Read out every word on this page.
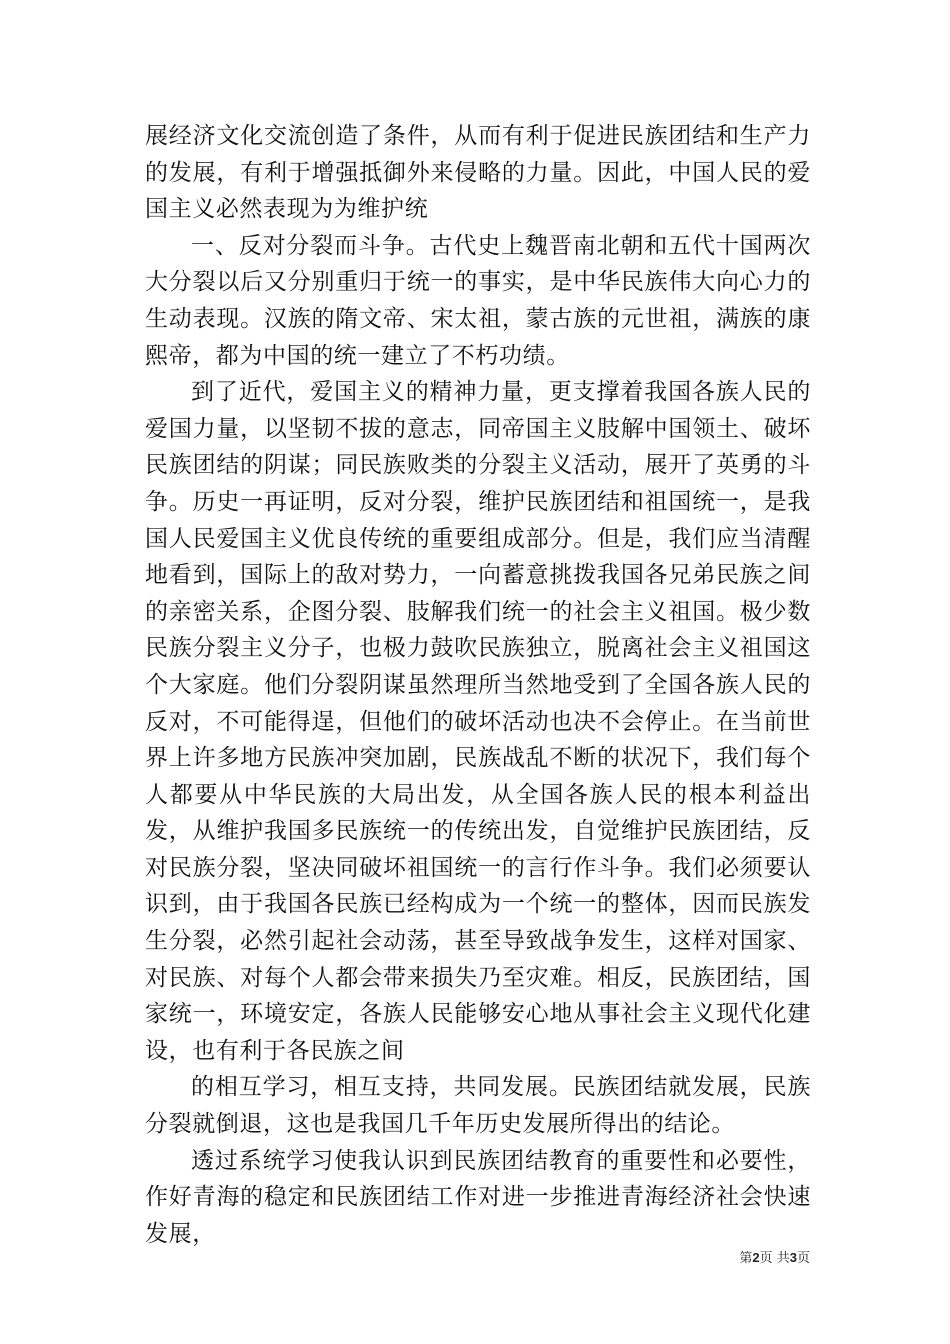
展经济文化交流创造了条件，从而有利于促进民族团结和生产力的发展，有利于增强抵御外来侵略的力量。因此，中国人民的爱国主义必然表现为为维护统

一、反对分裂而斗争。古代史上魏晋南北朝和五代十国两次大分裂以后又分别重归于统一的事实，是中华民族伟大向心力的生动表现。汉族的隋文帝、宋太祖，蒙古族的元世祖，满族的康熙帝，都为中国的统一建立了不朽功绩。

到了近代，爱国主义的精神力量，更支撑着我国各族人民的爱国力量，以坚韧不拔的意志，同帝国主义肢解中国领土、破坏民族团结的阴谋；同民族败类的分裂主义活动，展开了英勇的斗争。历史一再证明，反对分裂，维护民族团结和祖国统一，是我国人民爱国主义优良传统的重要组成部分。但是，我们应当清醒地看到，国际上的敌对势力，一向蓄意挑拨我国各兄弟民族之间的亲密关系，企图分裂、肢解我们统一的社会主义祖国。极少数民族分裂主义分子，也极力鼓吹民族独立，脱离社会主义祖国这个大家庭。他们分裂阴谋虽然理所当然地受到了全国各族人民的反对，不可能得逞，但他们的破坏活动也决不会停止。在当前世界上许多地方民族冲突加剧，民族战乱不断的状况下，我们每个人都要从中华民族的大局出发，从全国各族人民的根本利益出发，从维护我国多民族统一的传统出发，自觉维护民族团结，反对民族分裂，坚决同破坏祖国统一的言行作斗争。我们必须要认识到，由于我国各民族已经构成为一个统一的整体，因而民族发生分裂，必然引起社会动荡，甚至导致战争发生，这样对国家、对民族、对每个人都会带来损失乃至灾难。相反，民族团结，国家统一，环境安定，各族人民能够安心地从事社会主义现代化建设，也有利于各民族之间

的相互学习，相互支持，共同发展。民族团结就发展，民族分裂就倒退，这也是我国几千年历史发展所得出的结论。

透过系统学习使我认识到民族团结教育的重要性和必要性，作好青海的稳定和民族团结工作对进一步推进青海经济社会快速发展，

第2页 共3页
